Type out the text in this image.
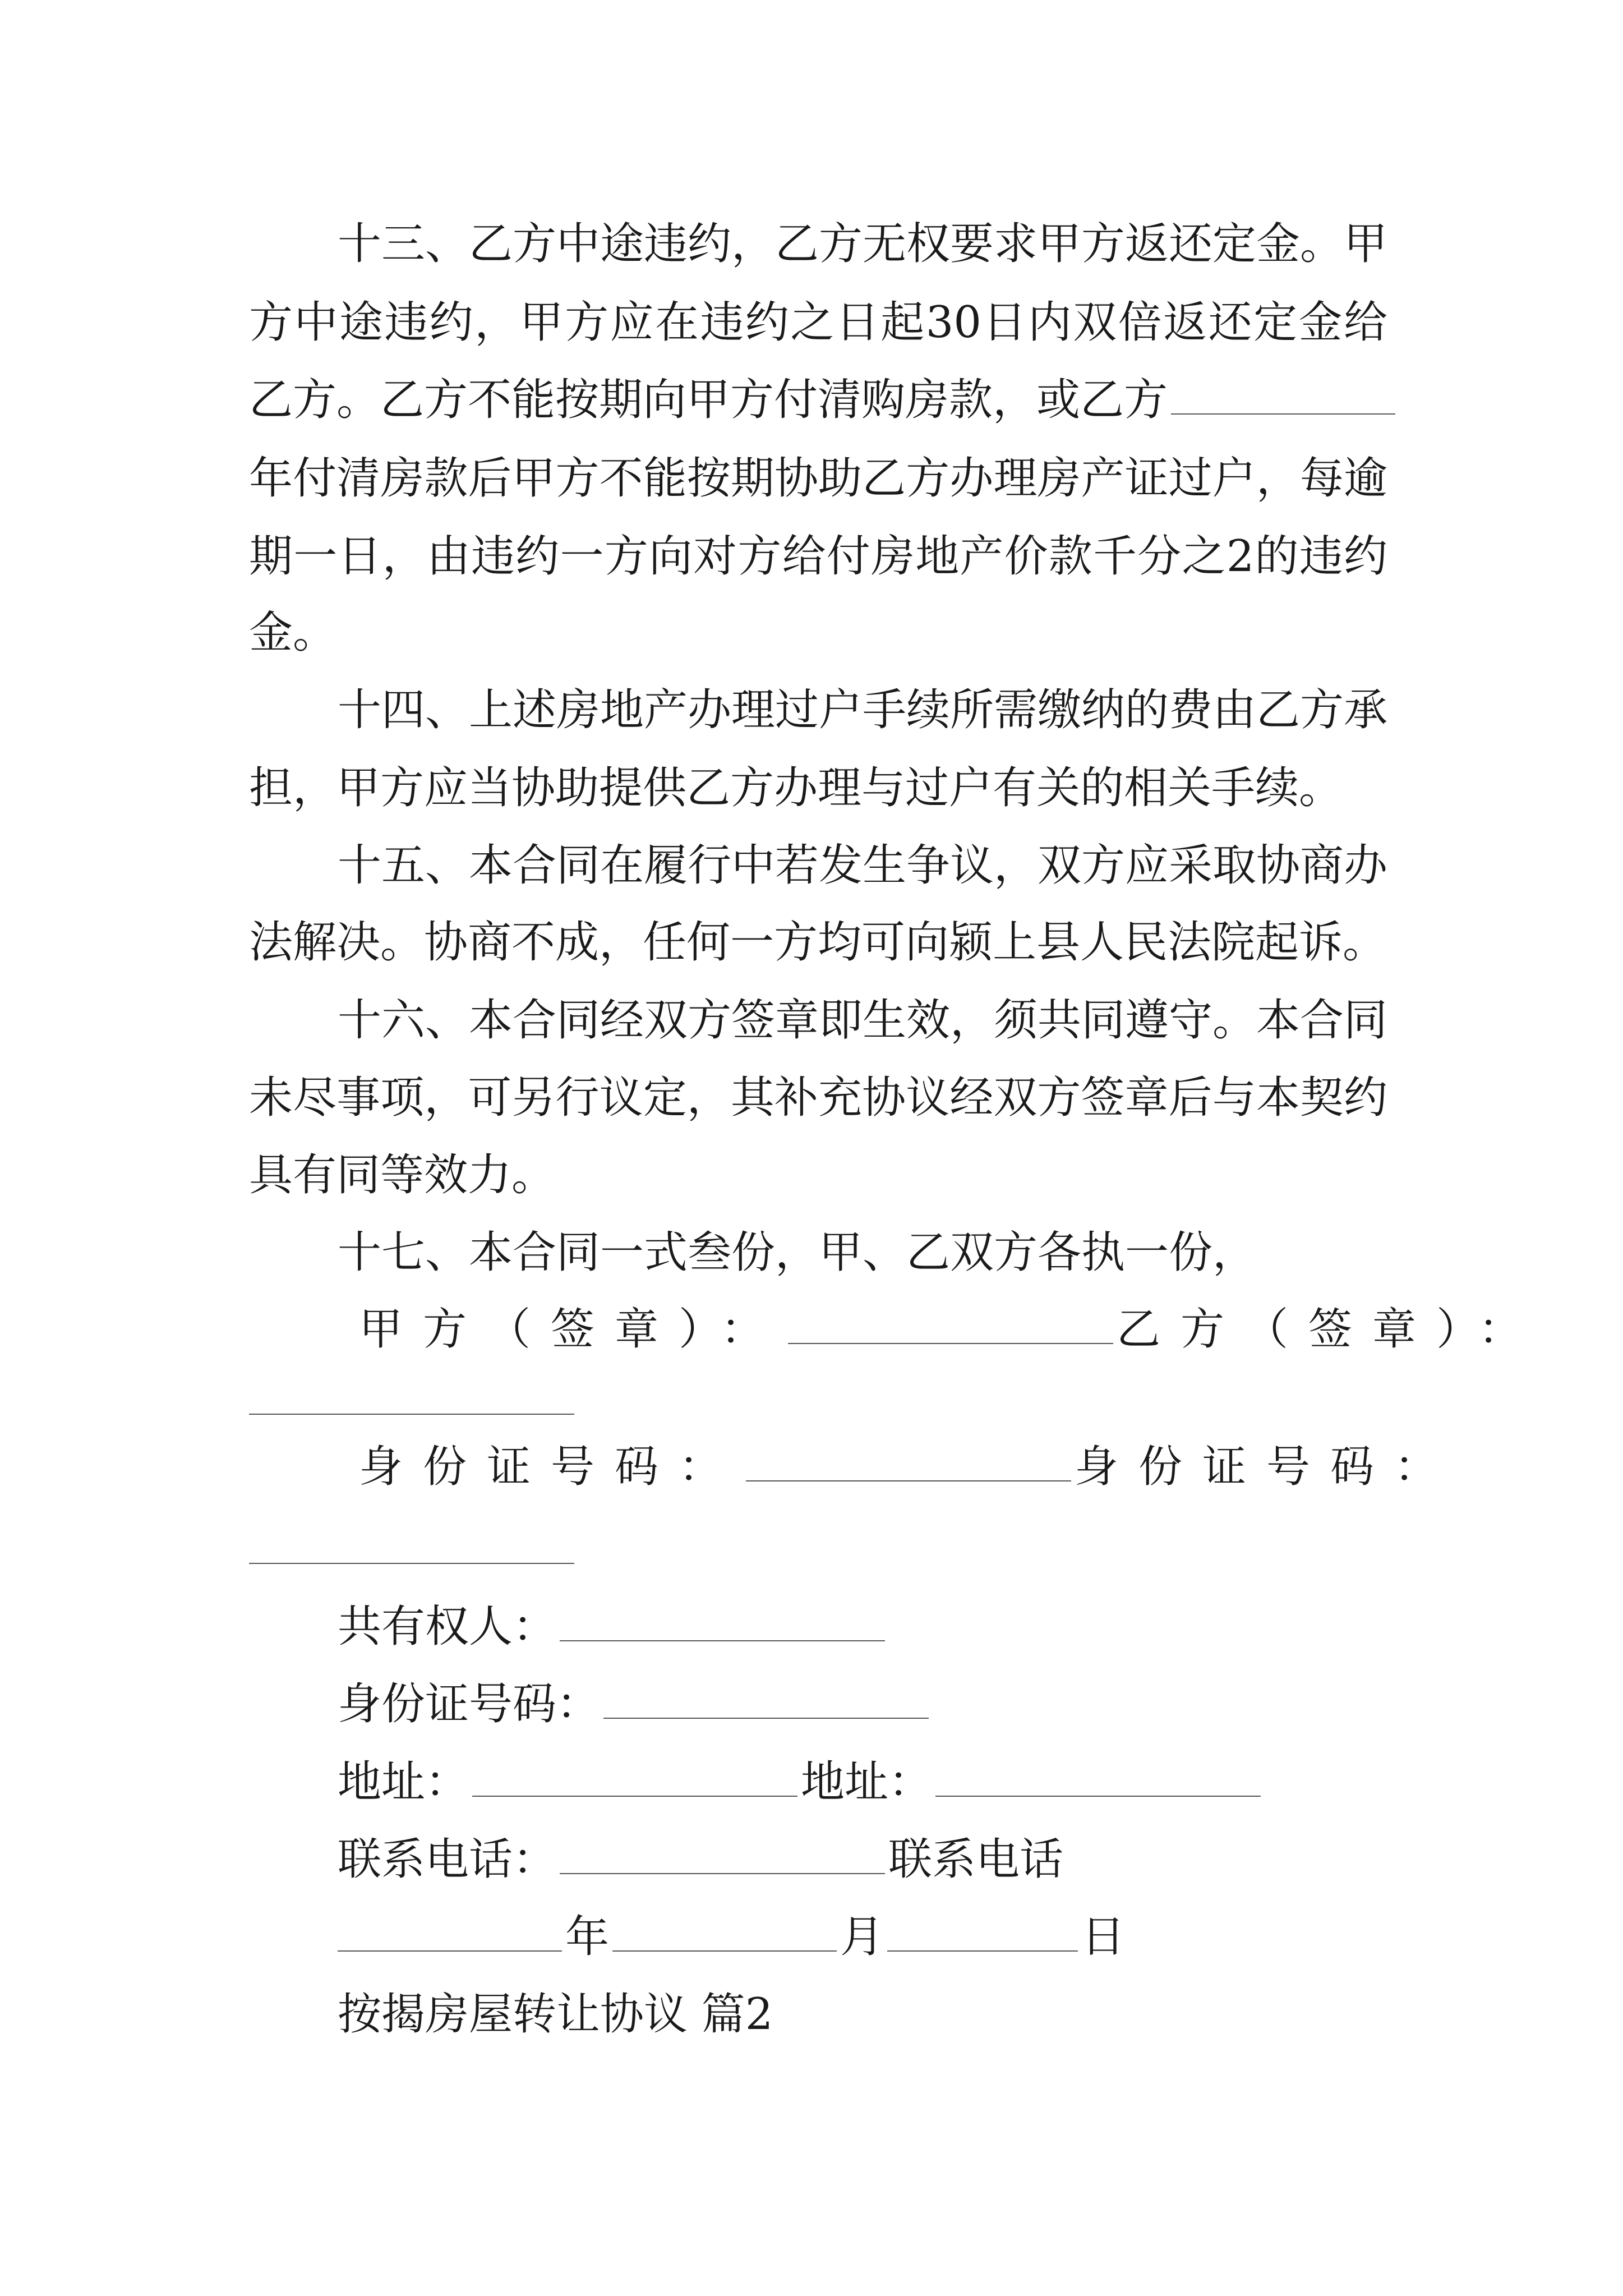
十三、乙方中途违约，乙方无权要求甲方返还定金。甲
方中途违约，甲方应在违约之日起30日内双倍返还定金给
乙方。乙方不能按期向甲方付清购房款，或乙方
年付清房款后甲方不能按期协助乙方办理房产证过户，每逾
期一日，由违约一方向对方给付房地产价款千分之2的违约
金。
十四、上述房地产办理过户手续所需缴纳的费由乙方承
担，甲方应当协助提供乙方办理与过户有关的相关手续。
十五、本合同在履行中若发生争议，双方应采取协商办
法解决。协商不成，任何一方均可向颍上县人民法院起诉。
十六、本合同经双方签章即生效，须共同遵守。本合同
未尽事项，可另行议定，其补充协议经双方签章后与本契约
具有同等效力。
十七、本合同一式叁份，甲、乙双方各执一份，
甲方（签章）：	乙方（签章）：
身份证号码：	身份证号码：
共有权人：
身份证号码：
地址：	地址：
联系电话：	联系电话
年	月	日
按揭房屋转让协议 篇2
